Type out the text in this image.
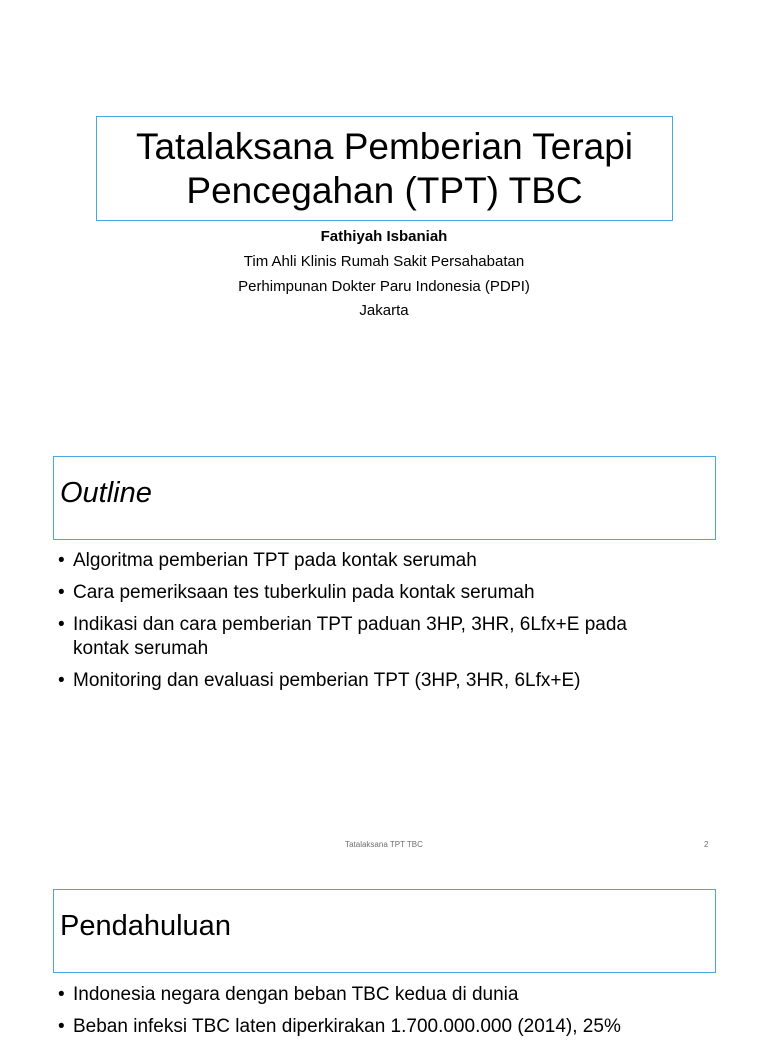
Tatalaksana Pemberian Terapi
Pencegahan (TPT) TBC
Fathiyah Isbaniah
Tim Ahli Klinis Rumah Sakit Persahabatan
Perhimpunan Dokter Paru Indonesia (PDPI)
Jakarta
Outline
• Algoritma pemberian TPT pada kontak serumah
• Cara pemeriksaan tes tuberkulin pada kontak serumah
• Indikasi dan cara pemberian TPT paduan 3HP, 3HR, 6Lfx+E pada kontak serumah
• Monitoring dan evaluasi pemberian TPT (3HP, 3HR, 6Lfx+E)
Tatalaksana TPT TBC	2
Pendahuluan
• Indonesia negara dengan beban TBC kedua di dunia
• Beban infeksi TBC laten diperkirakan 1.700.000.000 (2014), 25%
